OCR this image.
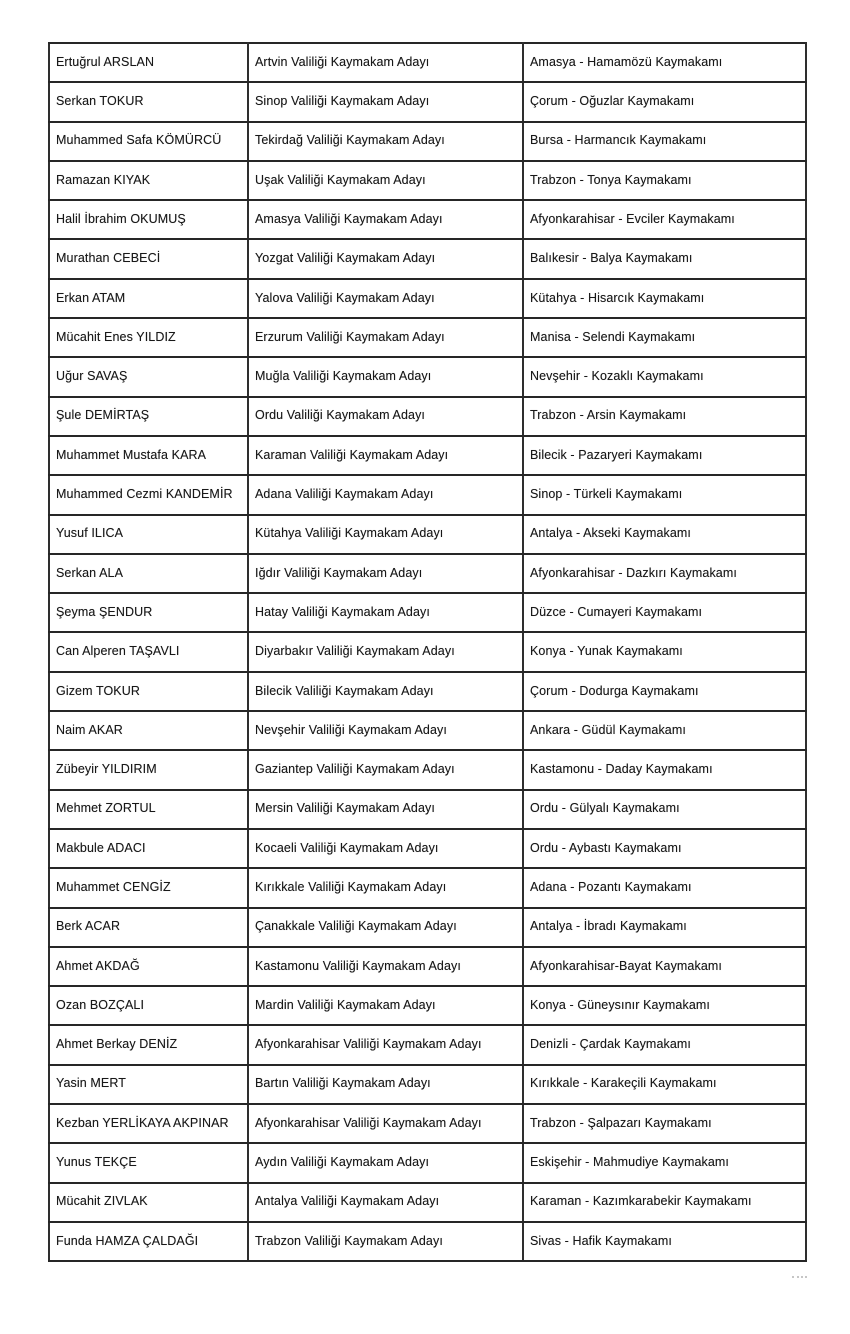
Ertuğrul ARSLAN	Artvin Valiliği Kaymakam Adayı	Amasya - Hamamözü Kaymakamı
Serkan TOKUR	Sinop Valiliği Kaymakam Adayı	Çorum - Oğuzlar Kaymakamı
Muhammed Safa KÖMÜRCÜ	Tekirdağ Valiliği Kaymakam Adayı	Bursa - Harmancık Kaymakamı
Ramazan KIYAK	Uşak Valiliği Kaymakam Adayı	Trabzon - Tonya Kaymakamı
Halil İbrahim OKUMUŞ	Amasya Valiliği Kaymakam Adayı	Afyonkarahisar - Evciler Kaymakamı
Murathan CEBECİ	Yozgat Valiliği Kaymakam Adayı	Balıkesir - Balya Kaymakamı
Erkan ATAM	Yalova Valiliği Kaymakam Adayı	Kütahya - Hisarcık Kaymakamı
Mücahit Enes YILDIZ	Erzurum Valiliği Kaymakam Adayı	Manisa - Selendi Kaymakamı
Uğur SAVAŞ	Muğla Valiliği Kaymakam Adayı	Nevşehir - Kozaklı Kaymakamı
Şule DEMİRTAŞ	Ordu Valiliği Kaymakam Adayı	Trabzon - Arsin Kaymakamı
Muhammet Mustafa KARA	Karaman Valiliği Kaymakam Adayı	Bilecik - Pazaryeri Kaymakamı
Muhammed Cezmi KANDEMİR	Adana Valiliği Kaymakam Adayı	Sinop - Türkeli Kaymakamı
Yusuf ILICA	Kütahya Valiliği Kaymakam Adayı	Antalya - Akseki Kaymakamı
Serkan ALA	Iğdır Valiliği Kaymakam Adayı	Afyonkarahisar - Dazkırı Kaymakamı
Şeyma ŞENDUR	Hatay Valiliği Kaymakam Adayı	Düzce - Cumayeri Kaymakamı
Can Alperen TAŞAVLI	Diyarbakır Valiliği Kaymakam Adayı	Konya - Yunak Kaymakamı
Gizem TOKUR	Bilecik Valiliği Kaymakam Adayı	Çorum - Dodurga Kaymakamı
Naim AKAR	Nevşehir Valiliği Kaymakam Adayı	Ankara - Güdül Kaymakamı
Zübeyir YILDIRIM	Gaziantep Valiliği Kaymakam Adayı	Kastamonu - Daday Kaymakamı
Mehmet ZORTUL	Mersin Valiliği Kaymakam Adayı	Ordu - Gülyalı Kaymakamı
Makbule ADACI	Kocaeli Valiliği Kaymakam Adayı	Ordu - Aybastı Kaymakamı
Muhammet CENGİZ	Kırıkkale Valiliği Kaymakam Adayı	Adana - Pozantı Kaymakamı
Berk ACAR	Çanakkale Valiliği Kaymakam Adayı	Antalya - İbradı Kaymakamı
Ahmet AKDAĞ	Kastamonu Valiliği Kaymakam Adayı	Afyonkarahisar-Bayat Kaymakamı
Ozan BOZÇALI	Mardin Valiliği Kaymakam Adayı	Konya - Güneysınır Kaymakamı
Ahmet Berkay DENİZ	Afyonkarahisar Valiliği Kaymakam Adayı	Denizli - Çardak Kaymakamı
Yasin MERT	Bartın Valiliği Kaymakam Adayı	Kırıkkale - Karakeçili Kaymakamı
Kezban YERLİKAYA AKPINAR	Afyonkarahisar Valiliği Kaymakam Adayı	Trabzon - Şalpazarı Kaymakamı
Yunus TEKÇE	Aydın Valiliği Kaymakam Adayı	Eskişehir - Mahmudiye Kaymakamı
Mücahit ZIVLAK	Antalya Valiliği Kaymakam Adayı	Karaman - Kazımkarabekir Kaymakamı
Funda HAMZA ÇALDAĞI	Trabzon Valiliği Kaymakam Adayı	Sivas - Hafik Kaymakamı
